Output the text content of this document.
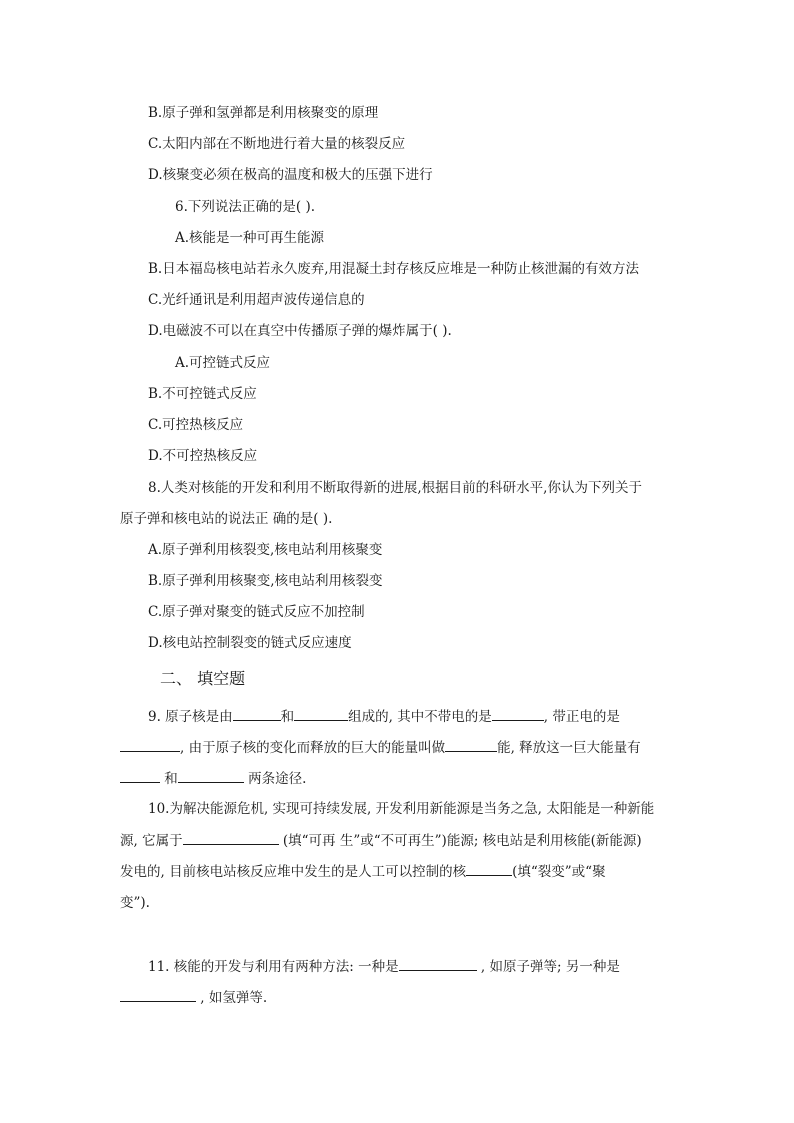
B.原子弹和氢弹都是利用核聚变的原理
C.太阳内部在不断地进行着大量的核裂反应
D.核聚变必须在极高的温度和极大的压强下进行
6.下列说法正确的是( ).
A.核能是一种可再生能源
B.日本福岛核电站若永久废弃,用混凝土封存核反应堆是一种防止核泄漏的有效方法
C.光纤通讯是利用超声波传递信息的
D.电磁波不可以在真空中传播原子弹的爆炸属于( ).
A.可控链式反应
B.不可控链式反应
C.可控热核反应
D.不可控热核反应
8.人类对核能的开发和利用不断取得新的进展,根据目前的科研水平,你认为下列关于
原子弹和核电站的说法正 确的是( ).
A.原子弹利用核裂变,核电站利用核聚变
B.原子弹利用核聚变,核电站利用核裂变
C.原子弹对聚变的链式反应不加控制
D.核电站控制裂变的链式反应速度
二、 填空题
9. 原子核是由	和	组成的, 其中不带电的是	, 带正电的是
, 由于原子核的变化而释放的巨大的能量叫做	能, 释放这一巨大能量有
和	两条途径.
10.为解决能源危机, 实现可持续发展, 开发利用新能源是当务之急, 太阳能是一种新能
源, 它属于	(填“可再 生”或“不可再生”)能源; 核电站是利用核能(新能源)
发电的, 目前核电站核反应堆中发生的是人工可以控制的核	(填“裂变”或“聚
变”).
11. 核能的开发与利用有两种方法: 一种是	, 如原子弹等; 另一种是
, 如氢弹等.
